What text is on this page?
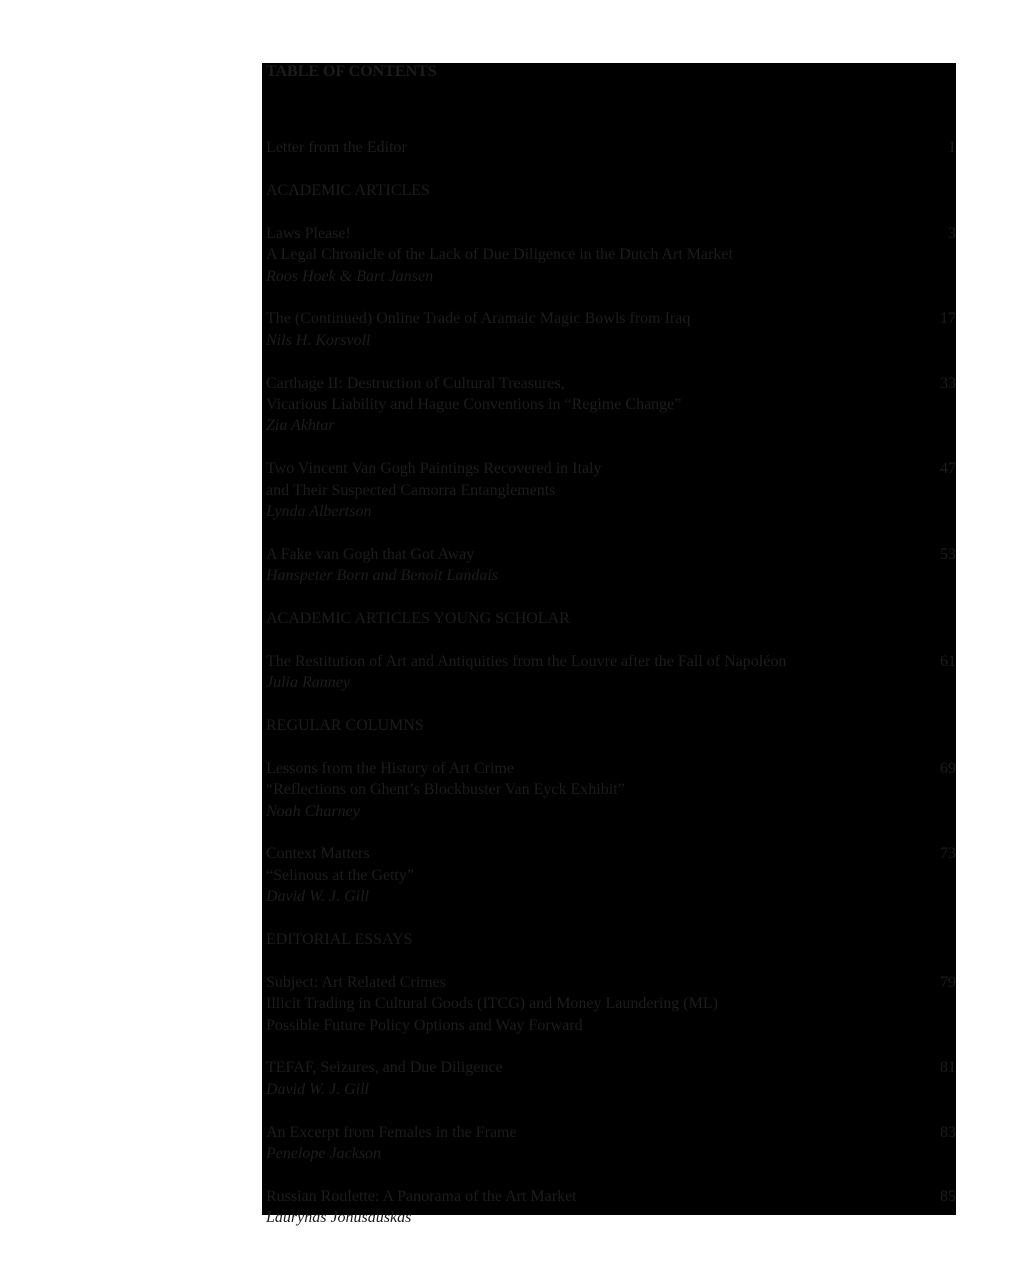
TABLE OF CONTENTS
Letter from the Editor	1
ACADEMIC ARTICLES
Laws Please!
A Legal Chronicle of the Lack of Due Diligence in the Dutch Art Market
Roos Hoek & Bart Jansen
3
The (Continued) Online Trade of Aramaic Magic Bowls from Iraq
Nils H. Korsvoll
17
Carthage II: Destruction of Cultural Treasures,
Vicarious Liability and Hague Conventions in “Regime Change”
Zia Akhtar
33
Two Vincent Van Gogh Paintings Recovered in Italy
and Their Suspected Camorra Entanglements
Lynda Albertson
47
A Fake van Gogh that Got Away
Hanspeter Born and Benoit Landais
53
ACADEMIC ARTICLES YOUNG SCHOLAR
The Restitution of Art and Antiquities from the Louvre after the Fall of Napoléon
Julia Ranney
61
REGULAR COLUMNS
Lessons from the History of Art Crime
“Reflections on Ghent’s Blockbuster Van Eyck Exhibit”
Noah Charney
69
Context Matters
“Selinous at the Getty”
David W. J. Gill
73
EDITORIAL ESSAYS
Subject: Art Related Crimes
Illicit Trading in Cultural Goods (ITCG) and Money Laundering (ML)
Possible Future Policy Options and Way Forward
79
TEFAF, Seizures, and Due Diligence
David W. J. Gill
81
An Excerpt from Females in the Frame
Penelope Jackson
83
Russian Roulette: A Panorama of the Art Market
Laurynas Jonusauskas
85
